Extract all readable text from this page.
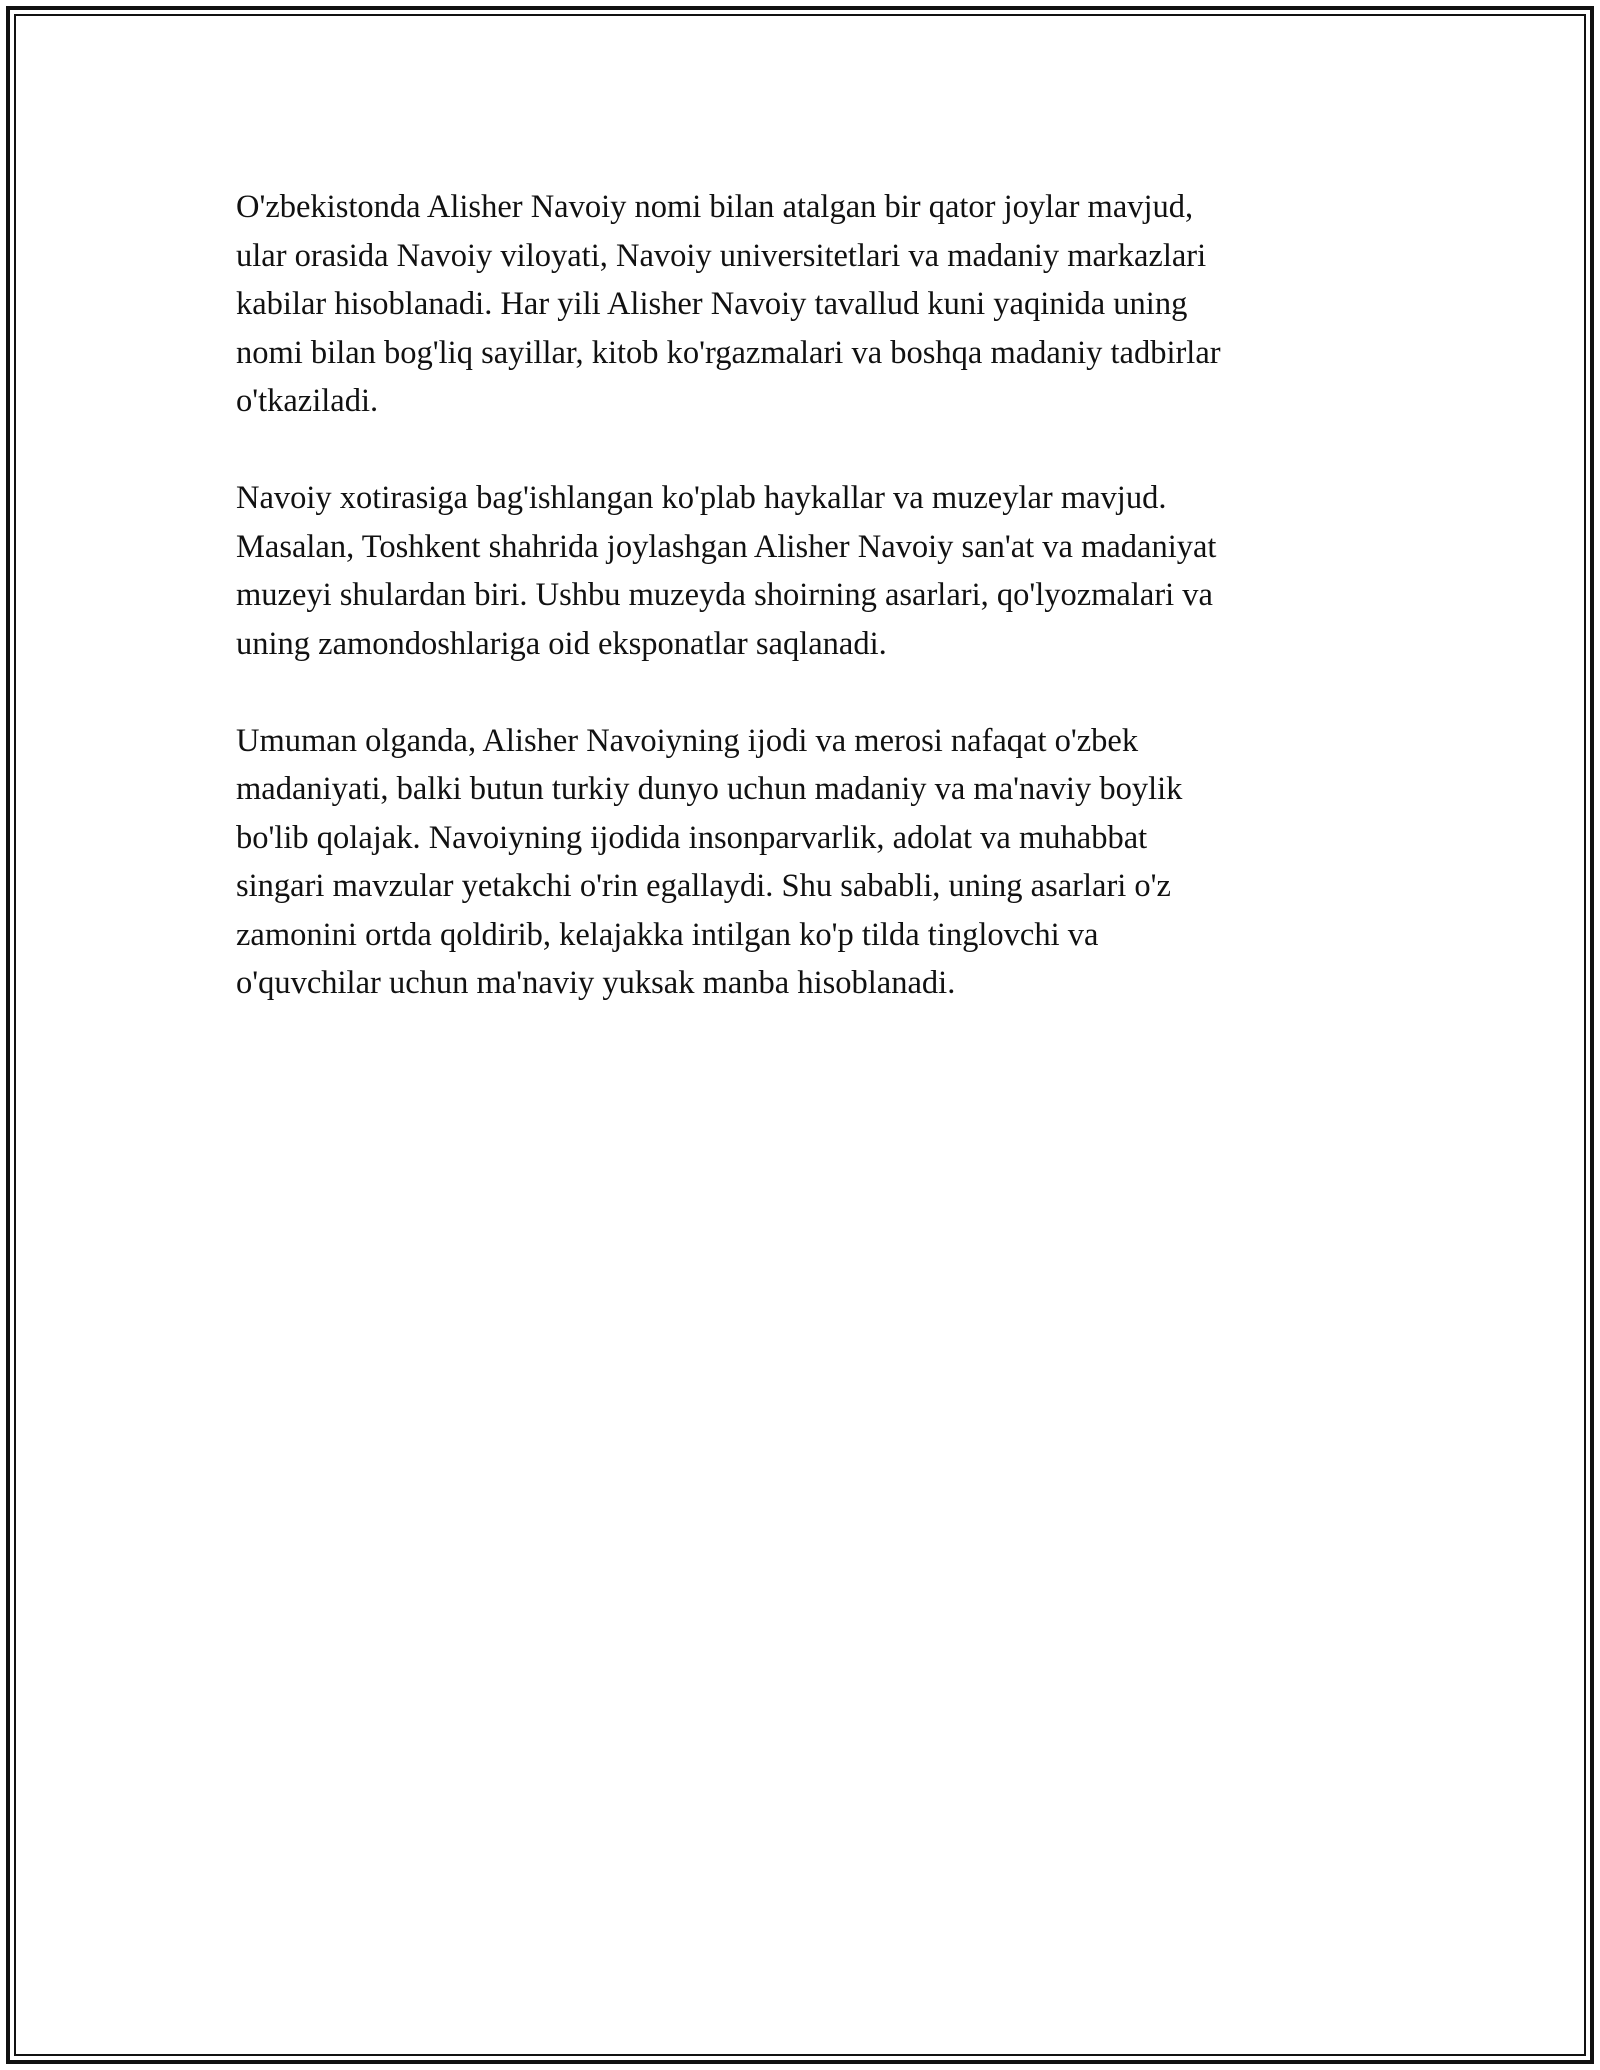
O'zbekistonda Alisher Navoiy nomi bilan atalgan bir qator joylar mavjud,
ular orasida Navoiy viloyati, Navoiy universitetlari va madaniy markazlari
kabilar hisoblanadi. Har yili Alisher Navoiy tavallud kuni yaqinida uning
nomi bilan bog'liq sayillar, kitob ko'rgazmalari va boshqa madaniy tadbirlar
o'tkaziladi.

Navoiy xotirasiga bag'ishlangan ko'plab haykallar va muzeylar mavjud.
Masalan, Toshkent shahrida joylashgan Alisher Navoiy san'at va madaniyat
muzeyi shulardan biri. Ushbu muzeyda shoirning asarlari, qo'lyozmalari va
uning zamondoshlariga oid eksponatlar saqlanadi.

Umuman olganda, Alisher Navoiyning ijodi va merosi nafaqat o'zbek
madaniyati, balki butun turkiy dunyo uchun madaniy va ma'naviy boylik
bo'lib qolajak. Navoiyning ijodida insonparvarlik, adolat va muhabbat
singari mavzular yetakchi o'rin egallaydi. Shu sababli, uning asarlari o'z
zamonini ortda qoldirib, kelajakka intilgan ko'p tilda tinglovchi va
o'quvchilar uchun ma'naviy yuksak manba hisoblanadi.
